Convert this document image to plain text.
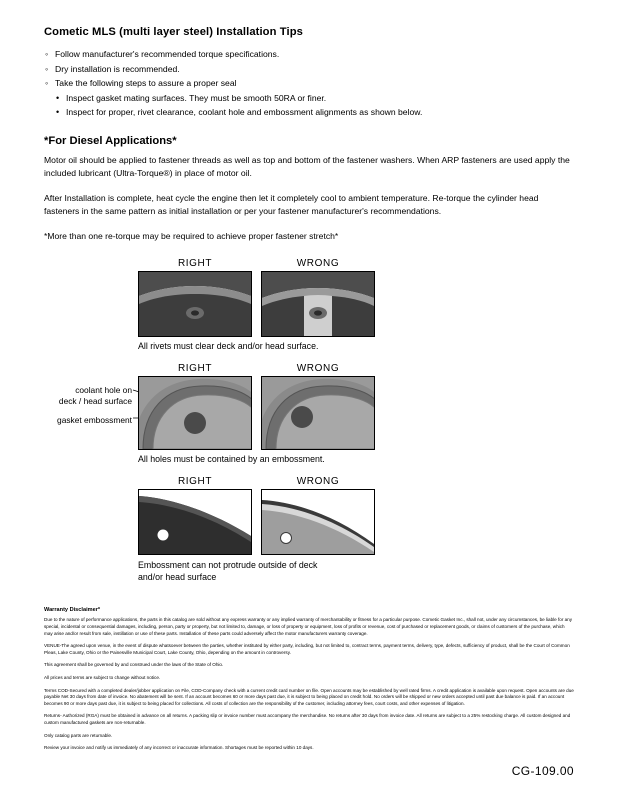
Cometic MLS (multi layer steel) Installation Tips
◦ Follow manufacturer's recommended torque specifications.
◦ Dry installation is recommended.
◦ Take the following steps to assure a proper seal
• Inspect gasket mating surfaces. They must be smooth 50RA or finer.
• Inspect for proper, rivet clearance, coolant hole and embossment alignments as shown below.
*For Diesel Applications*

Motor oil should be applied to fastener threads as well as top and bottom of the fastener washers. When ARP fasteners are used apply the included lubricant (Ultra-Torque®) in place of motor oil.

After Installation is complete, heat cycle the engine then let it completely cool to ambient temperature. Re-torque the cylinder head fasteners in the same pattern as initial installation or per your fastener manufacturer's recommendations.

*More than one re-torque may be required to achieve proper fastener stretch*

RIGHT	WRONG
All rivets must clear deck and/or head surface.
coolant hole on
deck / head surface
gasket embossment
RIGHT	WRONG
All holes must be contained by an embossment.
RIGHT	WRONG
Embossment can not protrude outside of deck
and/or head surface
Warranty Disclaimer*

Due to the nature of performance applications, the parts in this catalog are sold without any express warranty or any implied warranty of merchantability or fitness for a particular purpose. Cometic Gasket Inc., shall not, under any circumstances, be liable for any special, incidental or consequential damages, including, person, party or property, but not limited to, damage, or loss of property or equipment, loss of profits or revenue, cost of purchased or replacement goods, or claims of customers of the purchase, which may arise and/or result from sale, instillation or use of these parts. Installation of these parts could adversely affect the motor manufacturers warranty coverage.

VENUE-The agreed upon venue, in the event of dispute whatsoever between the parties, whether instituted by either party, including, but not limited to, contract terms, payment terms, delivery, type, defects, sufficiency of product, shall be the Court of Common Pleas, Lake County, Ohio or the Painesville Municipal Court, Lake County, Ohio, depending on the amount in controversy.

This agreement shall be governed by and construed under the laws of the State of Ohio.

All prices and terms are subject to change without notice.

Terms COD-Secured with a completed dealer/jobber application on File, COD-Company check with a current credit card number on file. Open accounts may be established by well rated firms. A credit application is available upon request. Open accounts are due payable Net 30 days from date of invoice. No abatement will be sent. If an account becomes 60 or more days past due, it is subject to being placed on credit hold. No orders will be shipped or new orders accepted until past due balance is paid. If an account becomes 90 or more days past due, it is subject to being placed for collections. All costs of collection are the responsibility of the customer, including attorney fees, court costs, and other expenses of litigation.

Returns- Authorized (RGA) must be obtained in advance on all returns. A packing slip or invoice number must accompany the merchandise. No returns after 30 days from invoice date. All returns are subject to a 25% restocking charge. All custom designed and custom manufactured gaskets are non-returnable.

Only catalog parts are returnable.

Review your invoice and notify us immediately of any incorrect or inaccurate information. Shortages must be reported within 10 days.

CG-109.00
